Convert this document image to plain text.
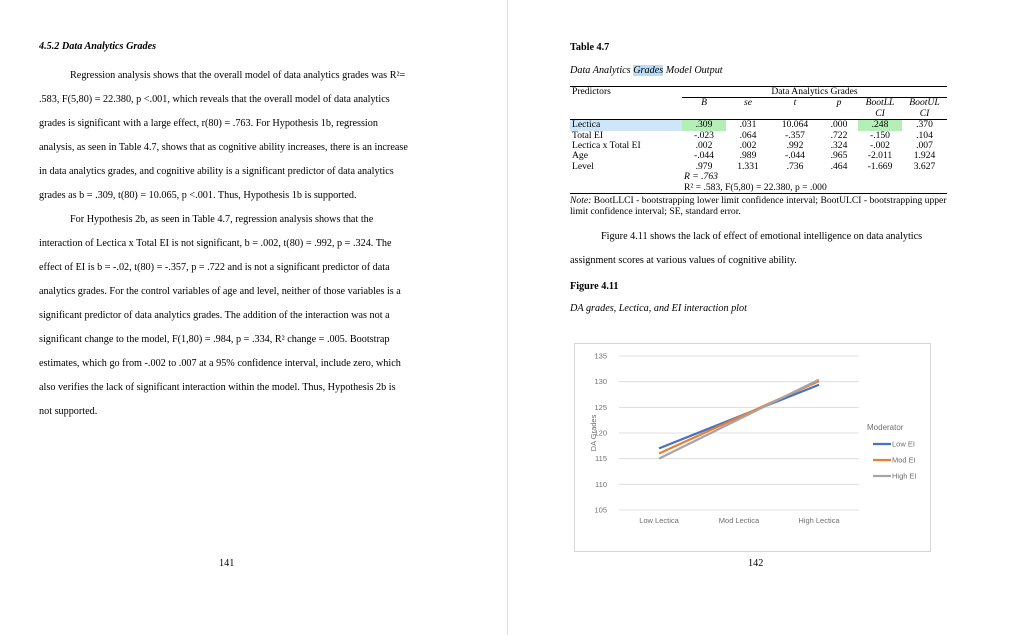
4.5.2 Data Analytics Grades

Regression analysis shows that the overall model of data analytics grades was R²= .583, F(5,80) = 22.380, p <.001, which reveals that the overall model of data analytics grades is significant with a large effect, r(80) = .763. For Hypothesis 1b, regression analysis, as seen in Table 4.7, shows that as cognitive ability increases, there is an increase in data analytics grades, and cognitive ability is a significant predictor of data analytics grades as b = .309, t(80) = 10.065, p <.001. Thus, Hypothesis 1b is supported.

For Hypothesis 2b, as seen in Table 4.7, regression analysis shows that the interaction of Lectica x Total EI is not significant, b = .002, t(80) = .992, p = .324. The effect of EI is b = -.02, t(80) = -.357, p = .722 and is not a significant predictor of data analytics grades. For the control variables of age and level, neither of those variables is a significant predictor of data analytics grades. The addition of the interaction was not a significant change to the model, F(1,80) = .984, p = .334, R² change = .005. Bootstrap estimates, which go from -.002 to .007 at a 95% confidence interval, include zero, which also verifies the lack of significant interaction within the model. Thus, Hypothesis 2b is not supported.

141

Table 4.7

Data Analytics Grades Model Output

Predictors	Data Analytics Grades					
	B	se	t	p	BootLL	BootUL
					CI	CI
Lectica	.309	.031	10.064	.000	.248	.370
Total EI	-.023	.064	-.357	.722	-.150	.104
Lectica x Total EI	.002	.002	.992	.324	-.002	.007
Age	-.044	.989	-.044	.965	-2.011	1.924
Level	.979	1.331	.736	.464	-1.669	3.627
	R = .763					
	R² = .583, F(5,80) = 22.380, p = .000					

Note: BootLLCI - bootstrapping lower limit confidence interval; BootULCI - bootstrapping upper limit confidence interval; SE, standard error.

Figure 4.11 shows the lack of effect of emotional intelligence on data analytics assignment scores at various values of cognitive ability.

Figure 4.11

DA grades, Lectica, and EI interaction plot

142
105
110
115
120
125
130
135
Low Lectica	Mod Lectica	High Lectica
DA Grades	Moderator
Low EI
Mod EI
High EI
